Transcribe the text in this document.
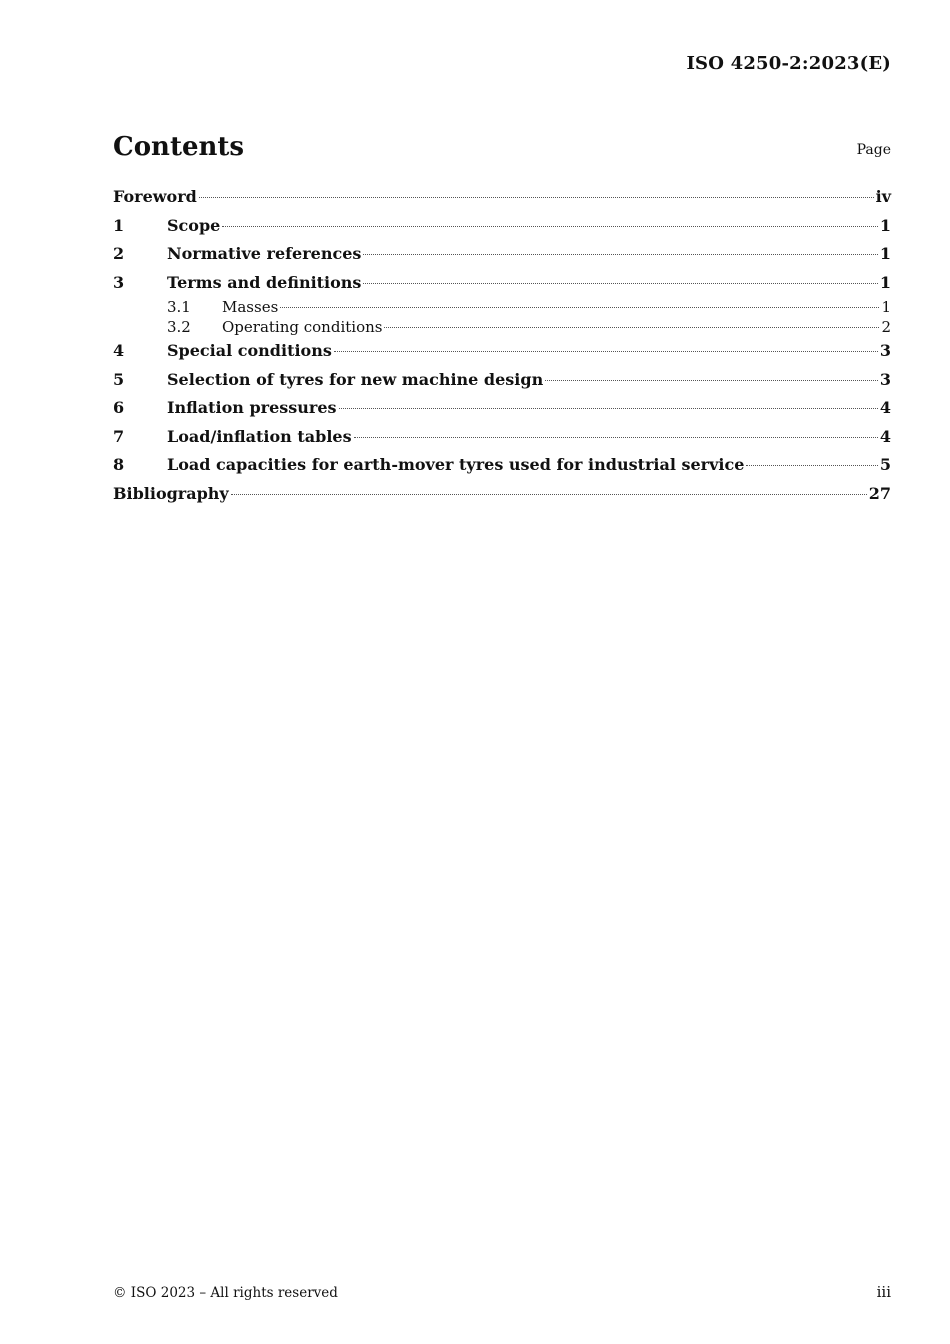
ISO 4250-2:2023(E)
Contents	Page
Foreword	iv
1	Scope	1
2	Normative references	1
3	Terms and definitions	1
3.1	Masses	1
3.2	Operating conditions	2
4	Special conditions	3
5	Selection of tyres for new machine design	3
6	Inflation pressures	4
7	Load/inflation tables	4
8	Load capacities for earth-mover tyres used for industrial service	5
Bibliography	27
© ISO 2023 – All rights reserved	iii
